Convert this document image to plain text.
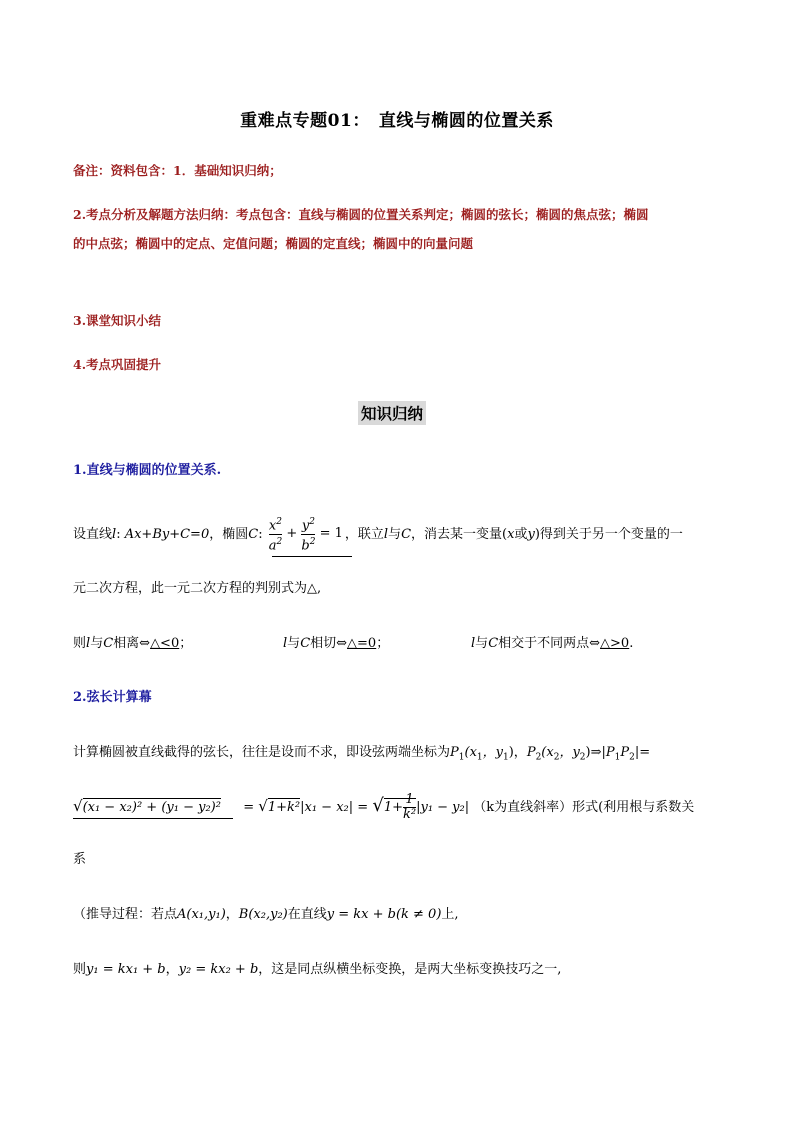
重难点专题01：　直线与椭圆的位置关系
备注：资料包含：1．基础知识归纳；
2.考点分析及解题方法归纳：考点包含：直线与椭圆的位置关系判定；椭圆的弦长；椭圆的焦点弦；椭圆
的中点弦；椭圆中的定点、定值问题；椭圆的定直线；椭圆中的向量问题
3.课堂知识小结
4.考点巩固提升
知识归纳
1.直线与椭圆的位置关系.
设直线l: Ax+By+C=0，椭圆C: $\frac{x^2}{a^2} + \frac{y^2}{b^2} = 1$ ，联立l与C，消去某一变量(x或y)得到关于另一个变量的一
元二次方程，此一元二次方程的判别式为△,
则l与C相离⇔△<0；	l与C相切⇔△=0；	l与C相交于不同两点⇔△>0.
2.弦长计算幕
计算椭圆被直线截得的弦长，往往是设而不求，即设弦两端坐标为$P_1(x_1$，$y_1$)，$P_2(x_2$，$y_2)\Rightarrow|P_1P_2|=$
$√(x_1 - x_2)^2 + (y_1 - y_2)^2 = √1+k^2|x_1 - x_2| = √1+ \frac{1}{\text{k²}} |y_1 - y_2|$ （k为直线斜率）形式(利用根与系数关
系
（推导过程：若点A(x₁,y₁)，B(x₂,y₂)在直线y = kx + b(k ≠ 0)上,
则y₁ = kx₁ + b，y₂ = kx₂ + b，这是同点纵横坐标变换，是两大坐标变换技巧之一,
